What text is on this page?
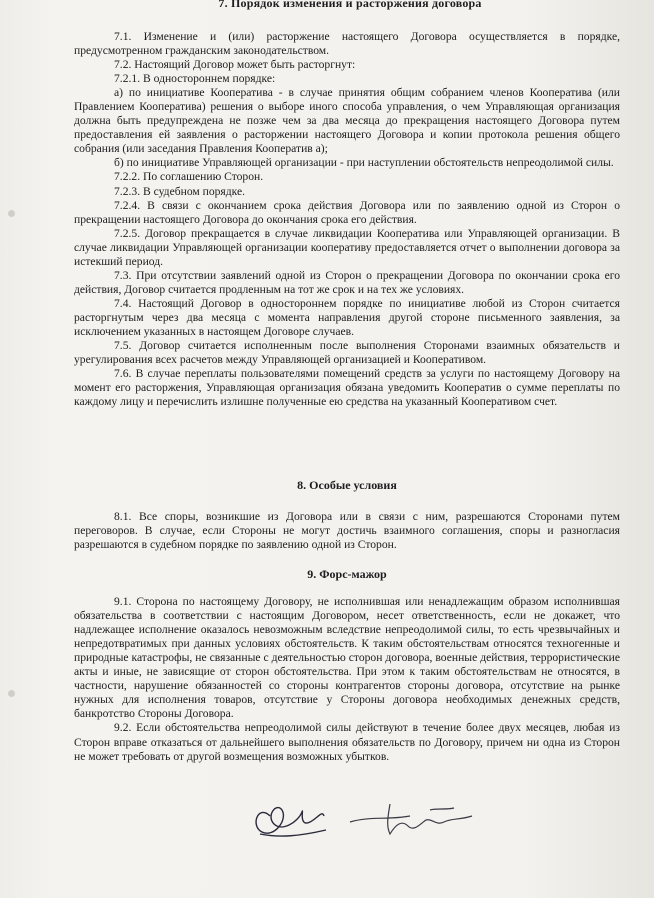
7. Порядок изменения и расторжения договора

7.1. Изменение и (или) расторжение настоящего Договора осуществляется в порядке, предусмотренном гражданским законодательством.

7.2. Настоящий Договор может быть расторгнут:

7.2.1. В одностороннем порядке:

а) по инициативе Кооператива - в случае принятия общим собранием членов Кооператива (или Правлением Кооператива) решения о выборе иного способа управления, о чем Управляющая организация должна быть предупреждена не позже чем за два месяца до прекращения настоящего Договора путем предоставления ей заявления о расторжении настоящего Договора и копии протокола решения общего собрания (или заседания Правления Кооператив а);

б) по инициативе Управляющей организации - при наступлении обстоятельств непреодолимой силы.

7.2.2. По соглашению Сторон.

7.2.3. В судебном порядке.

7.2.4. В связи с окончанием срока действия Договора или по заявлению одной из Сторон о прекращении настоящего Договора до окончания срока его действия.

7.2.5. Договор прекращается в случае ликвидации Кооператива или Управляющей организации. В случае ликвидации Управляющей организации кооперативу предоставляется отчет о выполнении договора за истекший период.

7.3. При отсутствии заявлений одной из Сторон о прекращении Договора по окончании срока его действия, Договор считается продленным на тот же срок и на тех же условиях.

7.4. Настоящий Договор в одностороннем порядке по инициативе любой из Сторон считается расторгнутым через два месяца с момента направления другой стороне письменного заявления, за исключением указанных в настоящем Договоре случаев.

7.5. Договор считается исполненным после выполнения Сторонами взаимных обязательств и урегулирования всех расчетов между Управляющей организацией и Кооперативом.

7.6. В случае переплаты пользователями помещений средств за услуги по настоящему Договору на момент его расторжения, Управляющая организация обязана уведомить Кооператив о сумме переплаты по каждому лицу и перечислить излишне полученные ею средства на указанный Кооперативом счет.

8. Особые условия

8.1. Все споры, возникшие из Договора или в связи с ним, разрешаются Сторонами путем переговоров. В случае, если Стороны не могут достичь взаимного соглашения, споры и разногласия разрешаются в судебном порядке по заявлению одной из Сторон.

9. Форс-мажор

9.1. Сторона по настоящему Договору, не исполнившая или ненадлежащим образом исполнившая обязательства в соответствии с настоящим Договором, несет ответственность, если не докажет, что надлежащее исполнение оказалось невозможным вследствие непреодолимой силы, то есть чрезвычайных и непредотвратимых при данных условиях обстоятельств. К таким обстоятельствам относятся техногенные и природные катастрофы, не связанные с деятельностью сторон договора, военные действия, террористические акты и иные, не зависящие от сторон обстоятельства. При этом к таким обстоятельствам не относятся, в частности, нарушение обязанностей со стороны контрагентов стороны договора, отсутствие на рынке нужных для исполнения товаров, отсутствие у Стороны договора необходимых денежных средств, банкротство Стороны Договора.

9.2. Если обстоятельства непреодолимой силы действуют в течение более двух месяцев, любая из Сторон вправе отказаться от дальнейшего выполнения обязательств по Договору, причем ни одна из Сторон не может требовать от другой возмещения возможных убытков.
